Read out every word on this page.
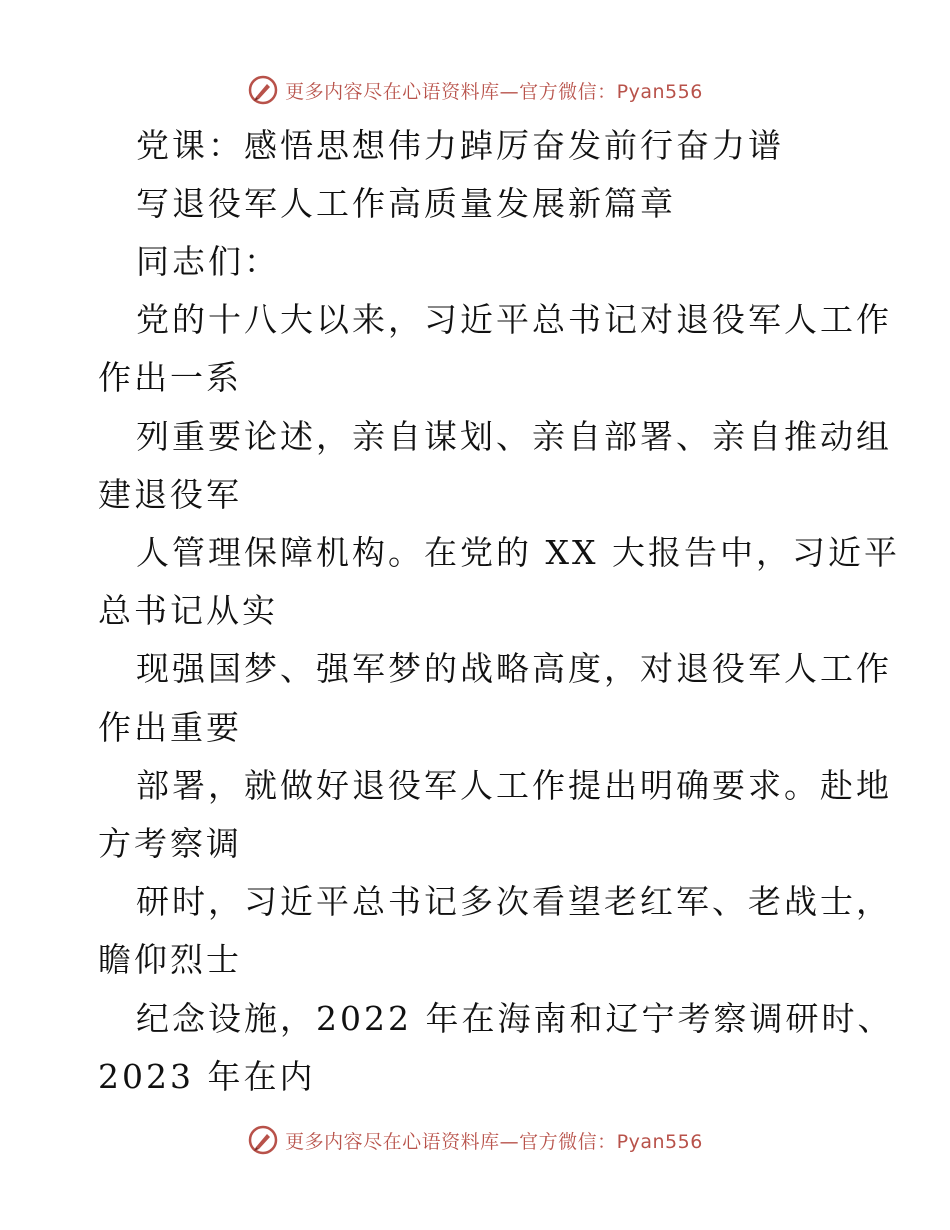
更多内容尽在心语资料库—官方微信：Pyan556
党课：感悟思想伟力踔厉奋发前行奋力谱
写退役军人工作高质量发展新篇章
同志们：
党的十八大以来，习近平总书记对退役军人工作
作出一系
列重要论述，亲自谋划、亲自部署、亲自推动组
建退役军
人管理保障机构。在党的 XX 大报告中，习近平
总书记从实
现强国梦、强军梦的战略高度，对退役军人工作
作出重要
部署，就做好退役军人工作提出明确要求。赴地
方考察调
研时，习近平总书记多次看望老红军、老战士，
瞻仰烈士
纪念设施，2022 年在海南和辽宁考察调研时、
2023 年在内
更多内容尽在心语资料库—官方微信：Pyan556
